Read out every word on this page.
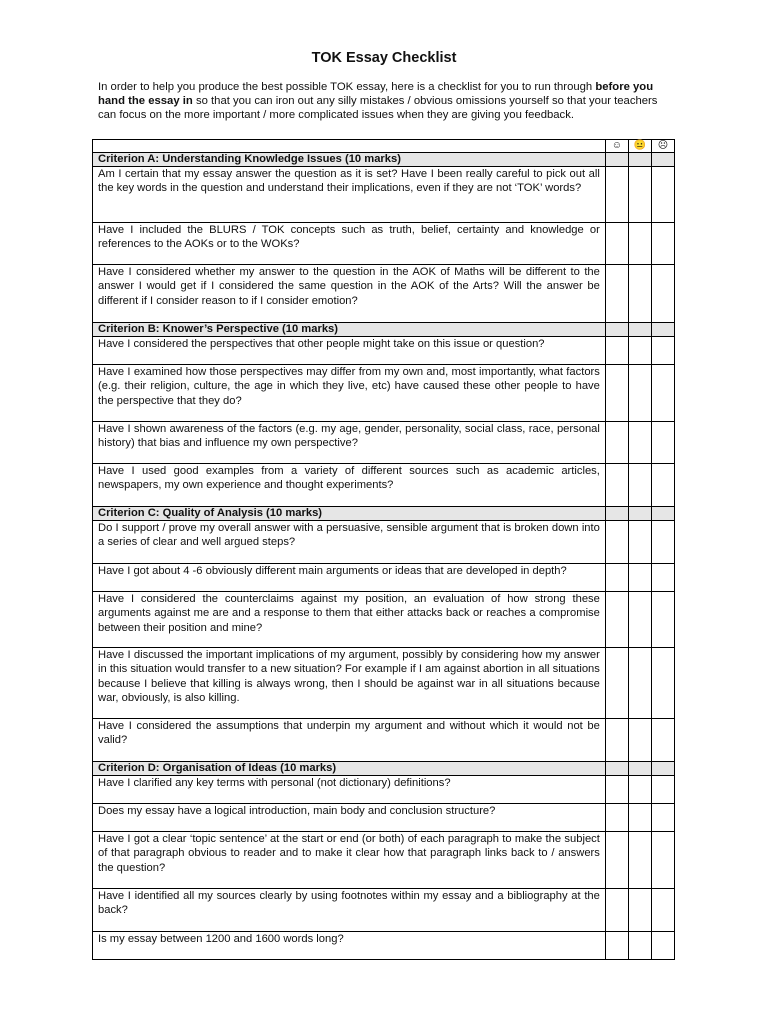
TOK Essay Checklist
In order to help you produce the best possible TOK essay, here is a checklist for you to run through before you hand the essay in so that you can iron out any silly mistakes / obvious omissions yourself so that your teachers can focus on the more important / more complicated issues when they are giving you feedback.
	☺	😐	☹
Criterion A: Understanding Knowledge Issues (10 marks)			
Am I certain that my essay answer the question as it is set? Have I been really careful to pick out all the key words in the question and understand their implications, even if they are not ‘TOK’ words?			
Have I included the BLURS / TOK concepts such as truth, belief, certainty and knowledge or references to the AOKs or to the WOKs?			
Have I considered whether my answer to the question in the AOK of Maths will be different to the answer I would get if I considered the same question in the AOK of the Arts? Will the answer be different if I consider reason to if I consider emotion?			
Criterion B: Knower’s Perspective (10 marks)			
Have I considered the perspectives that other people might take on this issue or question?			
Have I examined how those perspectives may differ from my own and, most importantly, what factors (e.g. their religion, culture, the age in which they live, etc) have caused these other people to have the perspective that they do?			
Have I shown awareness of the factors (e.g. my age, gender, personality, social class, race, personal history) that bias and influence my own perspective?			
Have I used good examples from a variety of different sources such as academic articles, newspapers, my own experience and thought experiments?			
Criterion C: Quality of Analysis (10 marks)			
Do I support / prove my overall answer with a persuasive, sensible argument that is broken down into a series of clear and well argued steps?			
Have I got about 4 -6 obviously different main arguments or ideas that are developed in depth?			
Have I considered the counterclaims against my position, an evaluation of how strong these arguments against me are and a response to them that either attacks back or reaches a compromise between their position and mine?			
Have I discussed the important implications of my argument, possibly by considering how my answer in this situation would transfer to a new situation? For example if I am against abortion in all situations because I believe that killing is always wrong, then I should be against war in all situations because war, obviously, is also killing.			
Have I considered the assumptions that underpin my argument and without which it would not be valid?			
Criterion D: Organisation of Ideas (10 marks)			
Have I clarified any key terms with personal (not dictionary) definitions?			
Does my essay have a logical introduction, main body and conclusion structure?			
Have I got a clear ‘topic sentence’ at the start or end (or both) of each paragraph to make the subject of that paragraph obvious to reader and to make it clear how that paragraph links back to / answers the question?			
Have I identified all my sources clearly by using footnotes within my essay and a bibliography at the back?			
Is my essay between 1200 and 1600 words long?			
